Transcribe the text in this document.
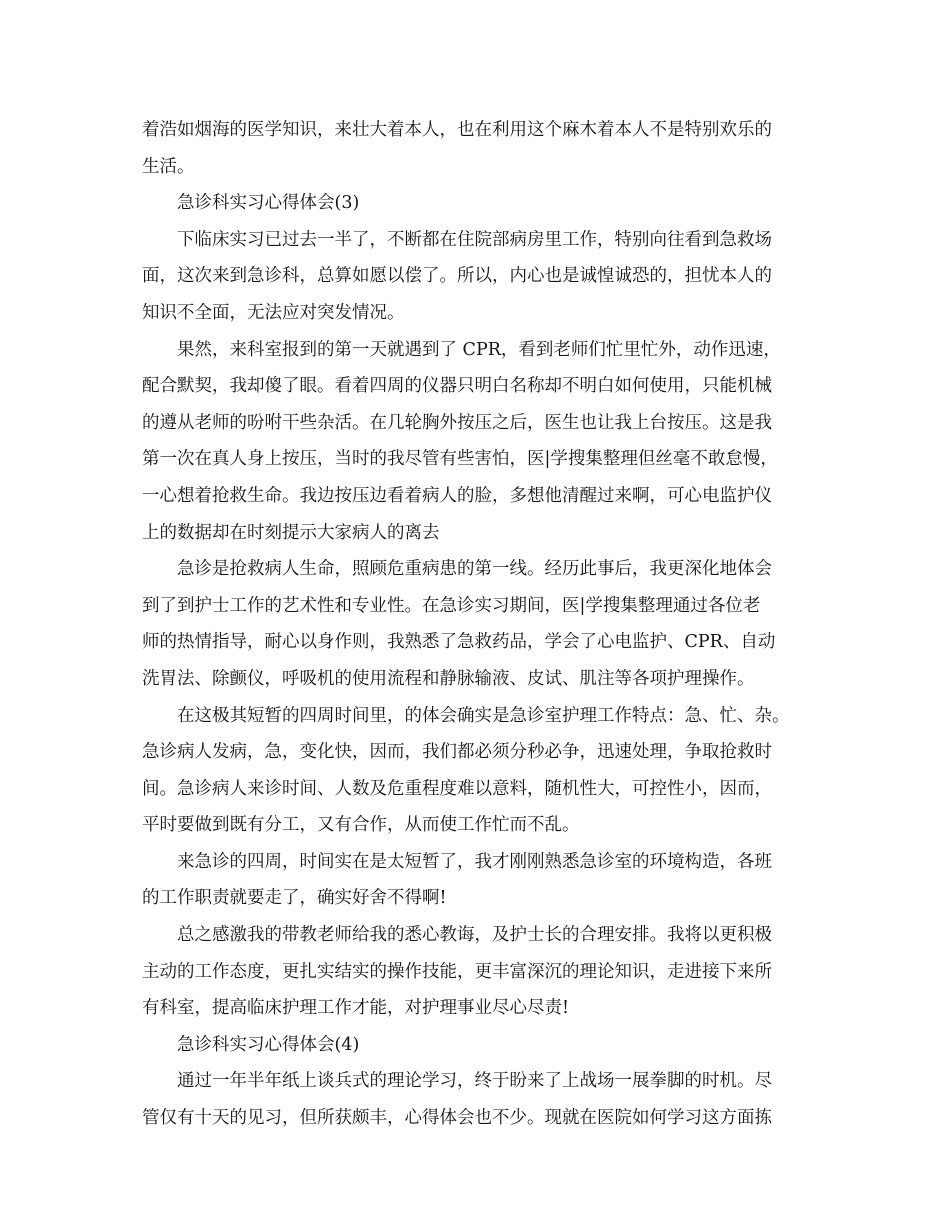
着浩如烟海的医学知识，来壮大着本人，也在利用这个麻木着本人不是特别欢乐的
生活。
急诊科实习心得体会(3)
下临床实习已过去一半了，不断都在住院部病房里工作，特别向往看到急救场
面，这次来到急诊科，总算如愿以偿了。所以，内心也是诚惶诚恐的，担忧本人的
知识不全面，无法应对突发情况。
果然，来科室报到的第一天就遇到了 CPR，看到老师们忙里忙外，动作迅速，
配合默契，我却傻了眼。看着四周的仪器只明白名称却不明白如何使用，只能机械
的遵从老师的吩咐干些杂活。在几轮胸外按压之后，医生也让我上台按压。这是我
第一次在真人身上按压，当时的我尽管有些害怕，医|学搜集整理但丝毫不敢怠慢，
一心想着抢救生命。我边按压边看着病人的脸，多想他清醒过来啊，可心电监护仪
上的数据却在时刻提示大家病人的离去
急诊是抢救病人生命，照顾危重病患的第一线。经历此事后，我更深化地体会
到了到护士工作的艺术性和专业性。在急诊实习期间，医|学搜集整理通过各位老
师的热情指导，耐心以身作则，我熟悉了急救药品，学会了心电监护、CPR、自动
洗胃法、除颤仪，呼吸机的使用流程和静脉输液、皮试、肌注等各项护理操作。
在这极其短暂的四周时间里，的体会确实是急诊室护理工作特点：急、忙、杂。
急诊病人发病，急，变化快，因而，我们都必须分秒必争，迅速处理，争取抢救时
间。急诊病人来诊时间、人数及危重程度难以意料，随机性大，可控性小，因而，
平时要做到既有分工，又有合作，从而使工作忙而不乱。
来急诊的四周，时间实在是太短暂了，我才刚刚熟悉急诊室的环境构造，各班
的工作职责就要走了，确实好舍不得啊!
总之感激我的带教老师给我的悉心教诲，及护士长的合理安排。我将以更积极
主动的工作态度，更扎实结实的操作技能，更丰富深沉的理论知识，走进接下来所
有科室，提高临床护理工作才能，对护理事业尽心尽责!
急诊科实习心得体会(4)
通过一年半年纸上谈兵式的理论学习，终于盼来了上战场一展拳脚的时机。尽
管仅有十天的见习，但所获颇丰，心得体会也不少。现就在医院如何学习这方面拣
